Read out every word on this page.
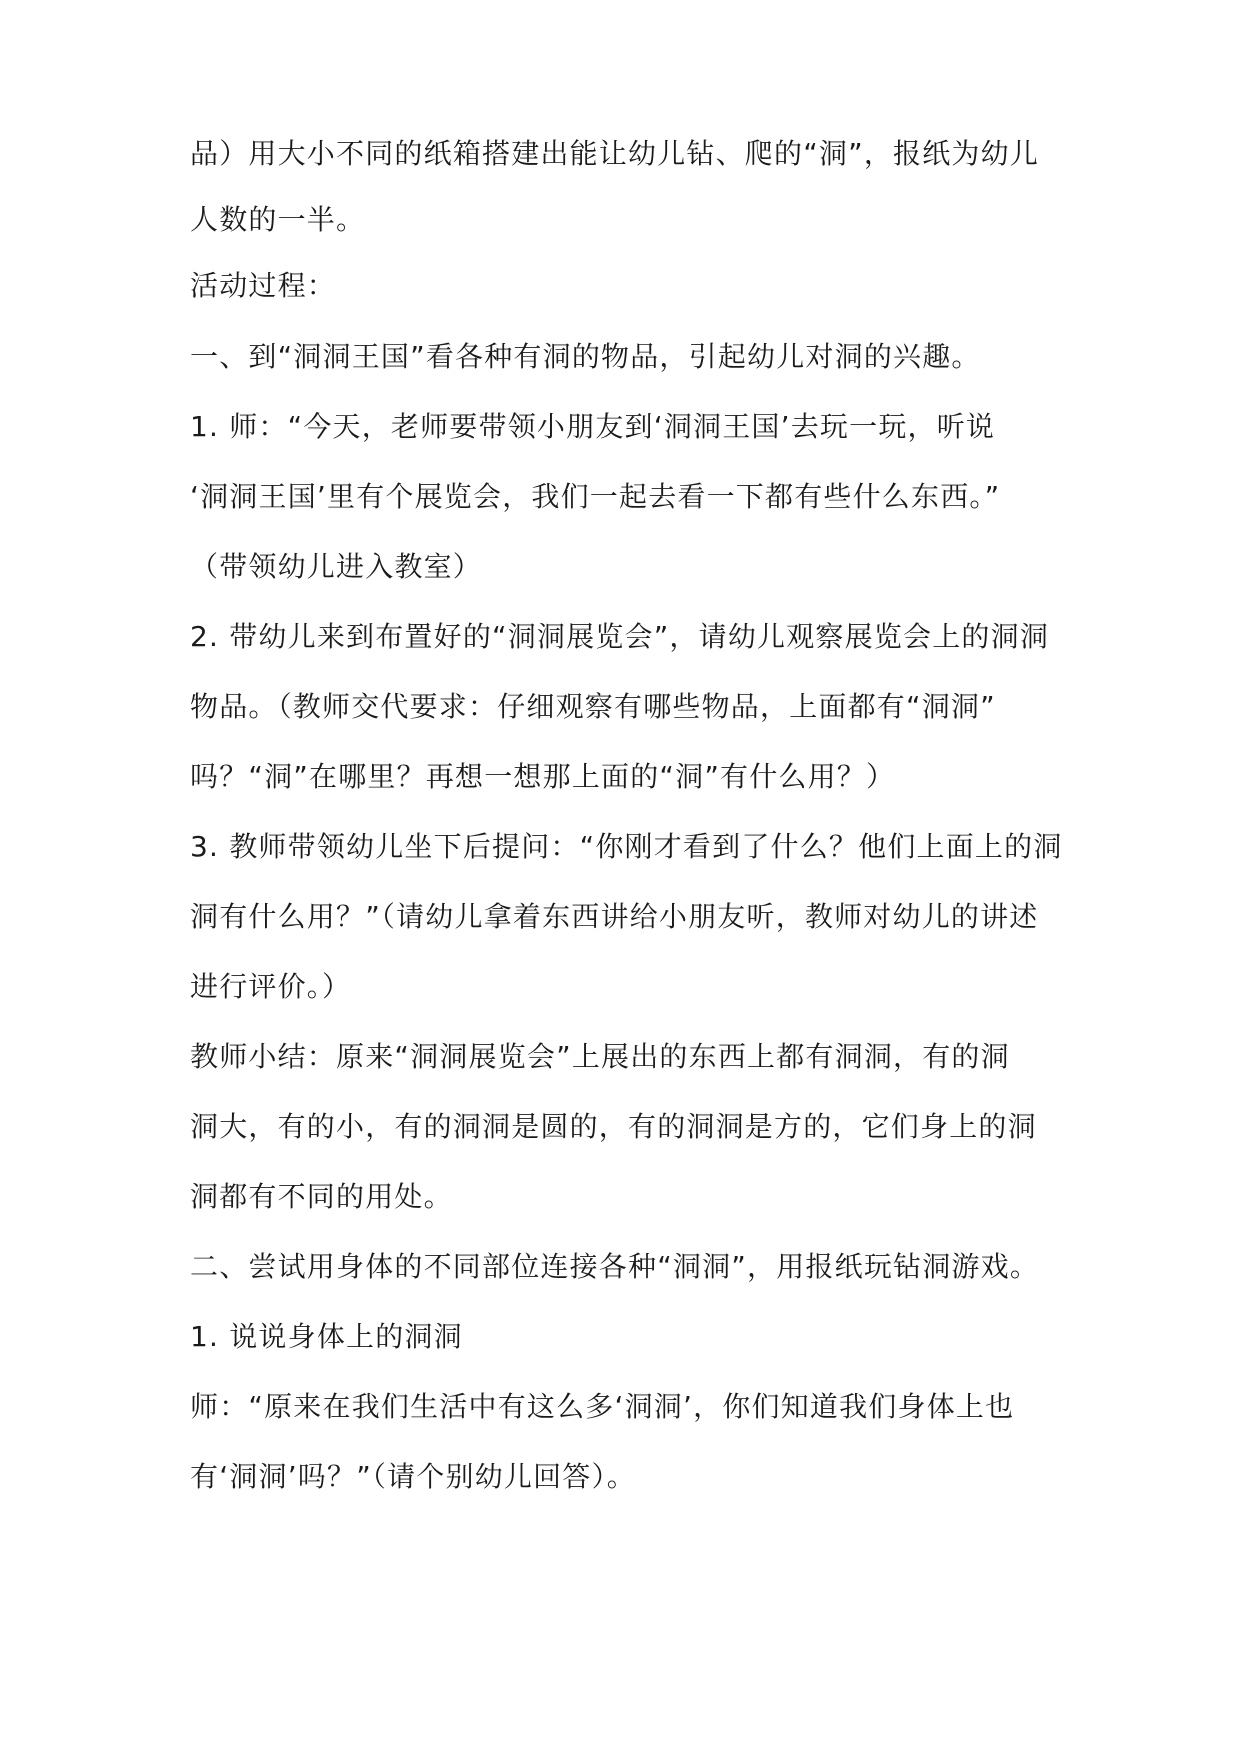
品）用大小不同的纸箱搭建出能让幼儿钻、爬的“洞”，报纸为幼儿

人数的一半。

活动过程：

一、到“洞洞王国”看各种有洞的物品，引起幼儿对洞的兴趣。

1. 师：“今天，老师要带领小朋友到‘洞洞王国’去玩一玩，听说

‘洞洞王国’里有个展览会，我们一起去看一下都有些什么东西。”

（带领幼儿进入教室）

2. 带幼儿来到布置好的“洞洞展览会”，请幼儿观察展览会上的洞洞

物品。（教师交代要求：仔细观察有哪些物品，上面都有“洞洞”

吗？“洞”在哪里？再想一想那上面的“洞”有什么用？）

3. 教师带领幼儿坐下后提问：“你刚才看到了什么？他们上面上的洞

洞有什么用？”（请幼儿拿着东西讲给小朋友听，教师对幼儿的讲述

进行评价。）

教师小结：原来“洞洞展览会”上展出的东西上都有洞洞，有的洞

洞大，有的小，有的洞洞是圆的，有的洞洞是方的，它们身上的洞

洞都有不同的用处。

二、尝试用身体的不同部位连接各种“洞洞”，用报纸玩钻洞游戏。

1. 说说身体上的洞洞

师：“原来在我们生活中有这么多‘洞洞’，你们知道我们身体上也

有‘洞洞’吗？”（请个别幼儿回答）。
